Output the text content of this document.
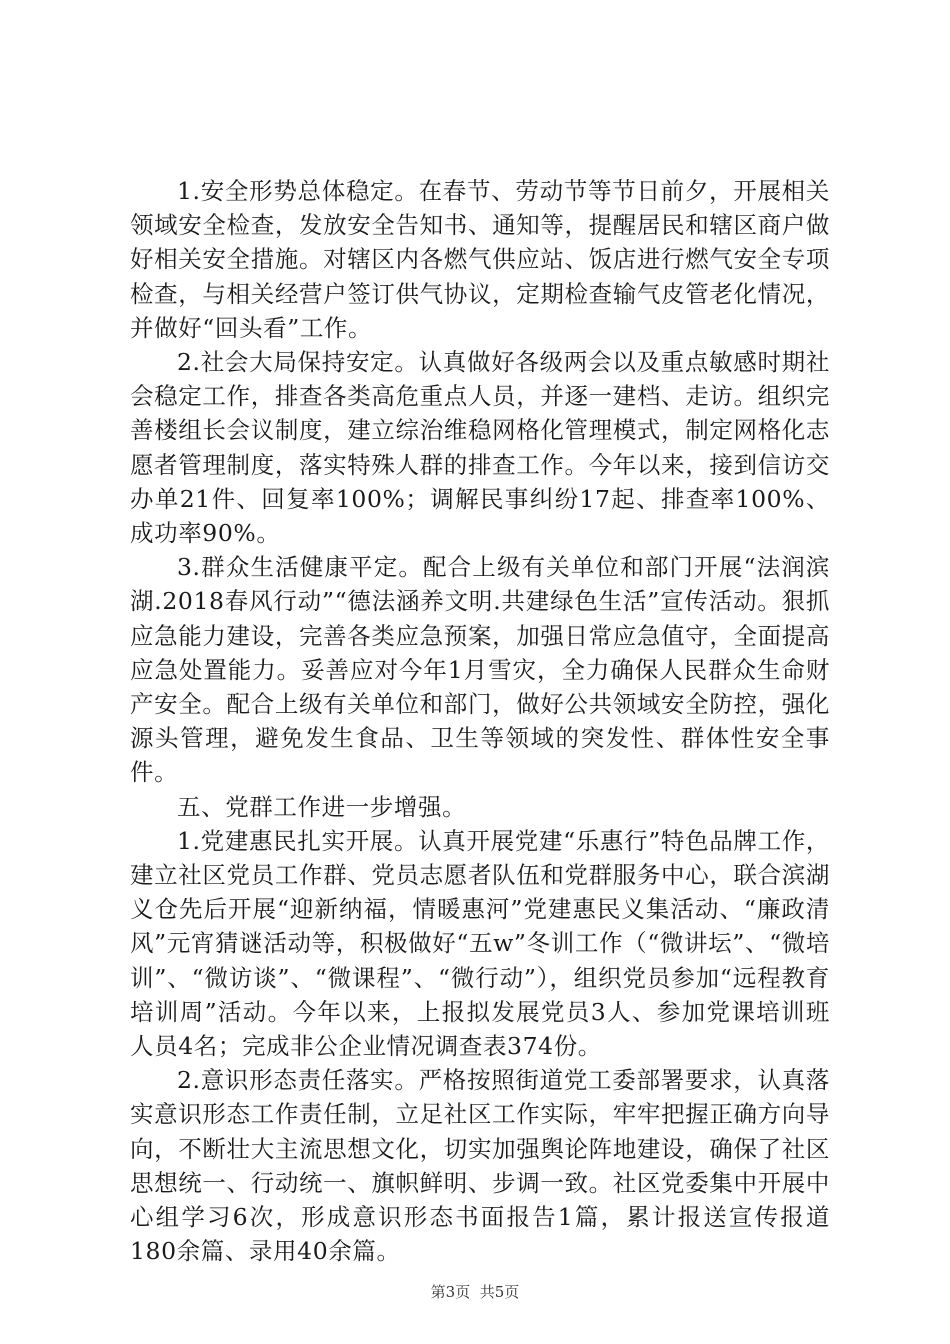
1.安全形势总体稳定。在春节、劳动节等节日前夕，开展相关领域安全检查，发放安全告知书、通知等，提醒居民和辖区商户做好相关安全措施。对辖区内各燃气供应站、饭店进行燃气安全专项检查，与相关经营户签订供气协议，定期检查输气皮管老化情况，并做好“回头看”工作。

2.社会大局保持安定。认真做好各级两会以及重点敏感时期社会稳定工作，排查各类高危重点人员，并逐一建档、走访。组织完善楼组长会议制度，建立综治维稳网格化管理模式，制定网格化志愿者管理制度，落实特殊人群的排查工作。今年以来，接到信访交办单21件、回复率100%；调解民事纠纷17起、排查率100%、成功率90%。

3.群众生活健康平定。配合上级有关单位和部门开展“法润滨湖.2018春风行动”“德法涵养文明.共建绿色生活”宣传活动。狠抓应急能力建设，完善各类应急预案，加强日常应急值守，全面提高应急处置能力。妥善应对今年1月雪灾，全力确保人民群众生命财产安全。配合上级有关单位和部门，做好公共领域安全防控，强化源头管理，避免发生食品、卫生等领域的突发性、群体性安全事件。

五、党群工作进一步增强。

1.党建惠民扎实开展。认真开展党建“乐惠行”特色品牌工作，建立社区党员工作群、党员志愿者队伍和党群服务中心，联合滨湖义仓先后开展“迎新纳福，情暖惠河”党建惠民义集活动、“廉政清风”元宵猜谜活动等，积极做好“五w”冬训工作（“微讲坛”、“微培训”、“微访谈”、“微课程”、“微行动”），组织党员参加“远程教育培训周”活动。今年以来，上报拟发展党员3人、参加党课培训班人员4名；完成非公企业情况调查表374份。

2.意识形态责任落实。严格按照街道党工委部署要求，认真落实意识形态工作责任制，立足社区工作实际，牢牢把握正确方向导向，不断壮大主流思想文化，切实加强舆论阵地建设，确保了社区思想统一、行动统一、旗帜鲜明、步调一致。社区党委集中开展中心组学习6次，形成意识形态书面报告1篇，累计报送宣传报道180余篇、录用40余篇。

第3页 共5页
